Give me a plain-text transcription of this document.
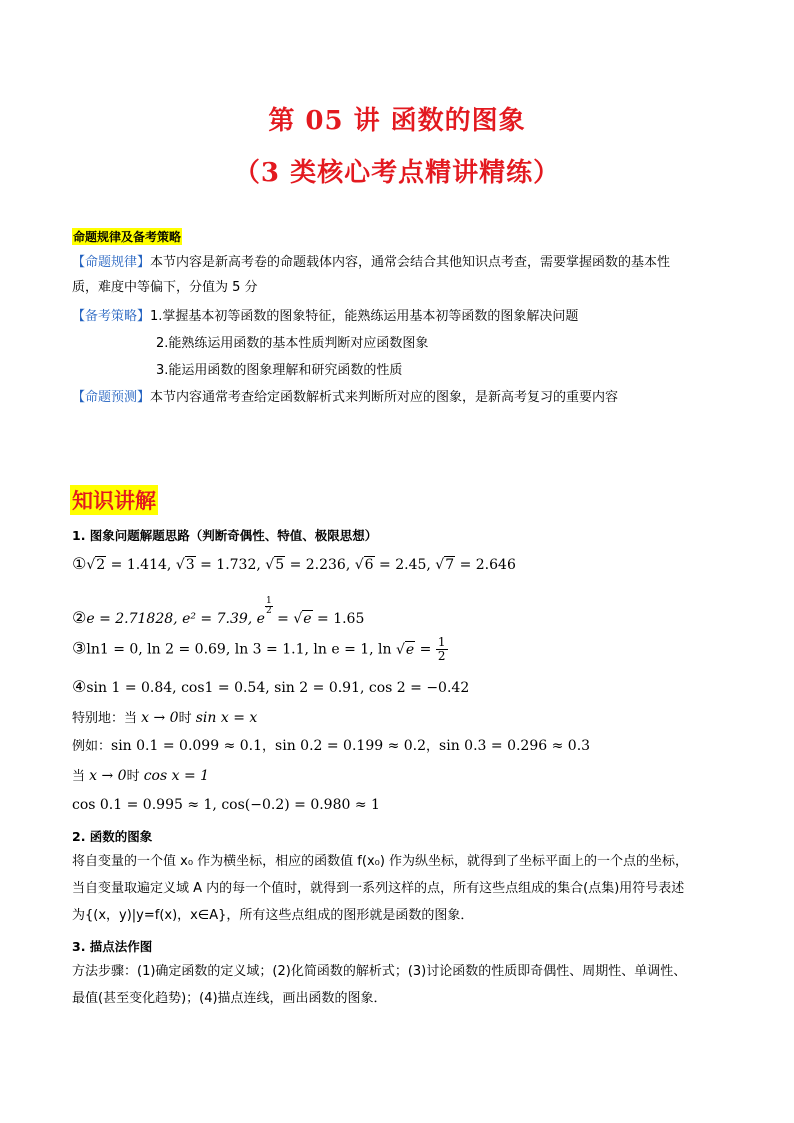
第 05 讲 函数的图象
（3 类核心考点精讲精练）
命题规律及备考策略
【命题规律】本节内容是新高考卷的命题载体内容，通常会结合其他知识点考查，需要掌握函数的基本性
质，难度中等偏下，分值为 5 分
【备考策略】1.掌握基本初等函数的图象特征，能熟练运用基本初等函数的图象解决问题
2.能熟练运用函数的基本性质判断对应函数图象
3.能运用函数的图象理解和研究函数的性质
【命题预测】本节内容通常考查给定函数解析式来判断所对应的图象，是新高考复习的重要内容
知识讲解
1. 图象问题解题思路（判断奇偶性、特值、极限思想）
①√2 = 1.414, √3 = 1.732, √5 = 2.236, √6 = 2.45, √7 = 2.646
②e = 2.71828, e² = 7.39, e
$\frac{1}{2}$
= √e = 1.65
③ln1 = 0, ln 2 = 0.69, ln 3 = 1.1, ln e = 1, $\ln √e = \frac{1}{2}$
④sin 1 = 0.84, cos1 = 0.54, sin 2 = 0.91, cos 2 = −0.42
特别地：当 x → 0时 sin x = x
例如：sin 0.1 = 0.099 ≈ 0.1，sin 0.2 = 0.199 ≈ 0.2，sin 0.3 = 0.296 ≈ 0.3
当 x → 0时 cos x = 1
cos 0.1 = 0.995 ≈ 1, cos(−0.2) = 0.980 ≈ 1
2. 函数的图象
将自变量的一个值 x₀ 作为横坐标，相应的函数值 f(x₀) 作为纵坐标，就得到了坐标平面上的一个点的坐标，
当自变量取遍定义域 A 内的每一个值时，就得到一系列这样的点，所有这些点组成的集合(点集)用符号表述
为{(x，y)|y=f(x)，x∈A}，所有这些点组成的图形就是函数的图象．
3. 描点法作图
方法步骤：(1)确定函数的定义域；(2)化简函数的解析式；(3)讨论函数的性质即奇偶性、周期性、单调性、
最值(甚至变化趋势)；(4)描点连线，画出函数的图象．
